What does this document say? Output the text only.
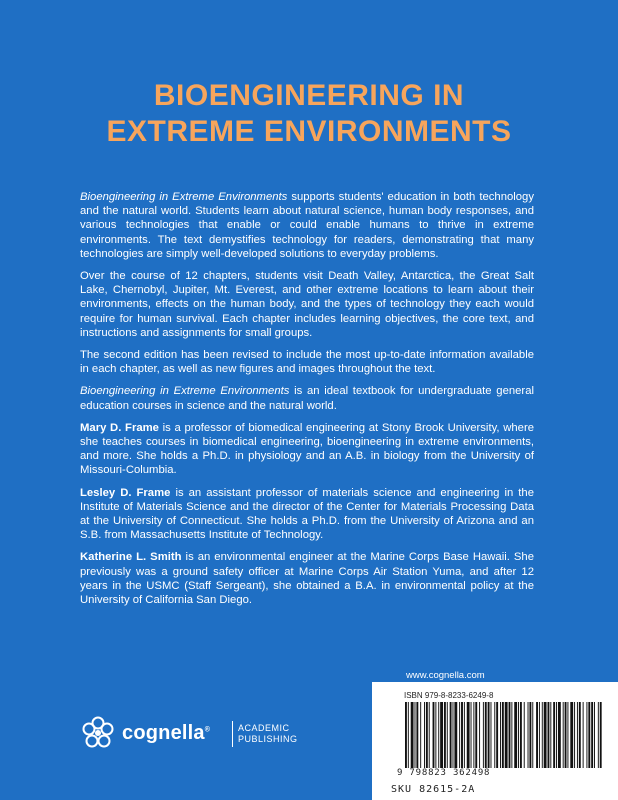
BIOENGINEERING IN
EXTREME ENVIRONMENTS

Bioengineering in Extreme Environments supports students' education in both technology and the natural world. Students learn about natural science, human body responses, and various technologies that enable or could enable humans to thrive in extreme environments. The text demystifies technology for readers, demonstrating that many technologies are simply well-developed solutions to everyday problems.

Over the course of 12 chapters, students visit Death Valley, Antarctica, the Great Salt Lake, Chernobyl, Jupiter, Mt. Everest, and other extreme locations to learn about their environments, effects on the human body, and the types of technology they each would require for human survival. Each chapter includes learning objectives, the core text, and instructions and assignments for small groups.

The second edition has been revised to include the most up-to-date information available in each chapter, as well as new figures and images throughout the text.

Bioengineering in Extreme Environments is an ideal textbook for undergraduate general education courses in science and the natural world.

Mary D. Frame is a professor of biomedical engineering at Stony Brook University, where she teaches courses in biomedical engineering, bioengineering in extreme environments, and more. She holds a Ph.D. in physiology and an A.B. in biology from the University of Missouri-Columbia.

Lesley D. Frame is an assistant professor of materials science and engineering in the Institute of Materials Science and the director of the Center for Materials Processing Data at the University of Connecticut. She holds a Ph.D. from the University of Arizona and an S.B. from Massachusetts Institute of Technology.

Katherine L. Smith is an environmental engineer at the Marine Corps Base Hawaii. She previously was a ground safety officer at Marine Corps Air Station Yuma, and after 12 years in the USMC (Staff Sergeant), she obtained a B.A. in environmental policy at the University of California San Diego.

cognella®	ACADEMIC
PUBLISHING
www.cognella.com
ISBN 979-8-8233-6249-8
9 798823 362498
SKU 82615-2A
